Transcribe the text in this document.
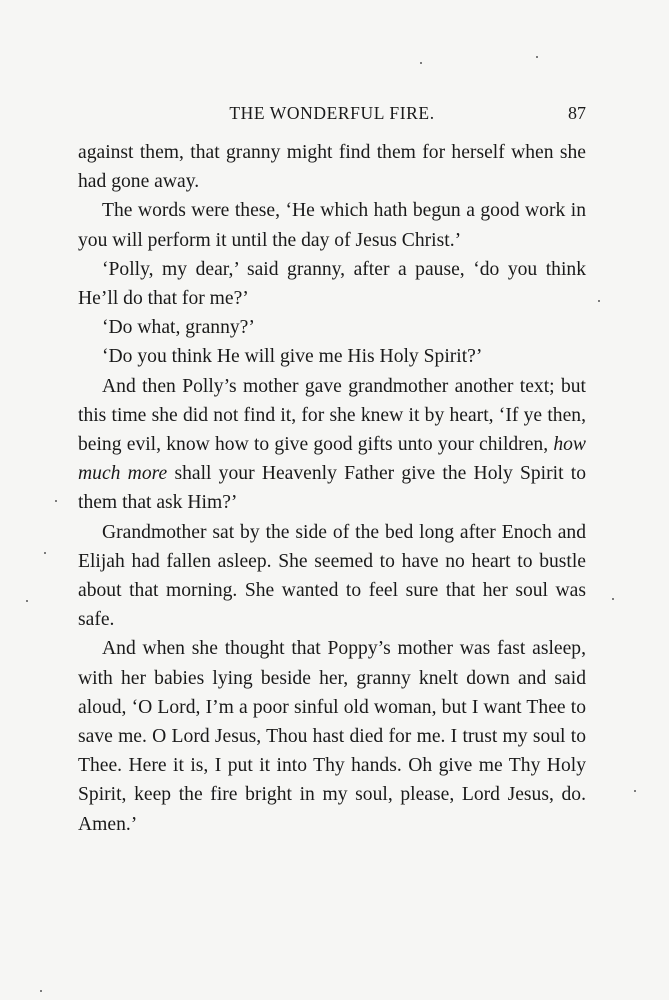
THE WONDERFUL FIRE.	87

against them, that granny might find them for herself when she had gone away.

The words were these, ‘He which hath begun a good work in you will perform it until the day of Jesus Christ.’

‘Polly, my dear,’ said granny, after a pause, ‘do you think He’ll do that for me?’

‘Do what, granny?’

‘Do you think He will give me His Holy Spirit?’

And then Polly’s mother gave grandmother another text; but this time she did not find it, for she knew it by heart, ‘If ye then, being evil, know how to give good gifts unto your children, how much more shall your Heavenly Father give the Holy Spirit to them that ask Him?’

Grandmother sat by the side of the bed long after Enoch and Elijah had fallen asleep. She seemed to have no heart to bustle about that morning. She wanted to feel sure that her soul was safe.

And when she thought that Poppy’s mother was fast asleep, with her babies lying beside her, granny knelt down and said aloud, ‘O Lord, I’m a poor sinful old woman, but I want Thee to save me. O Lord Jesus, Thou hast died for me. I trust my soul to Thee. Here it is, I put it into Thy hands. Oh give me Thy Holy Spirit, keep the fire bright in my soul, please, Lord Jesus, do. Amen.’
